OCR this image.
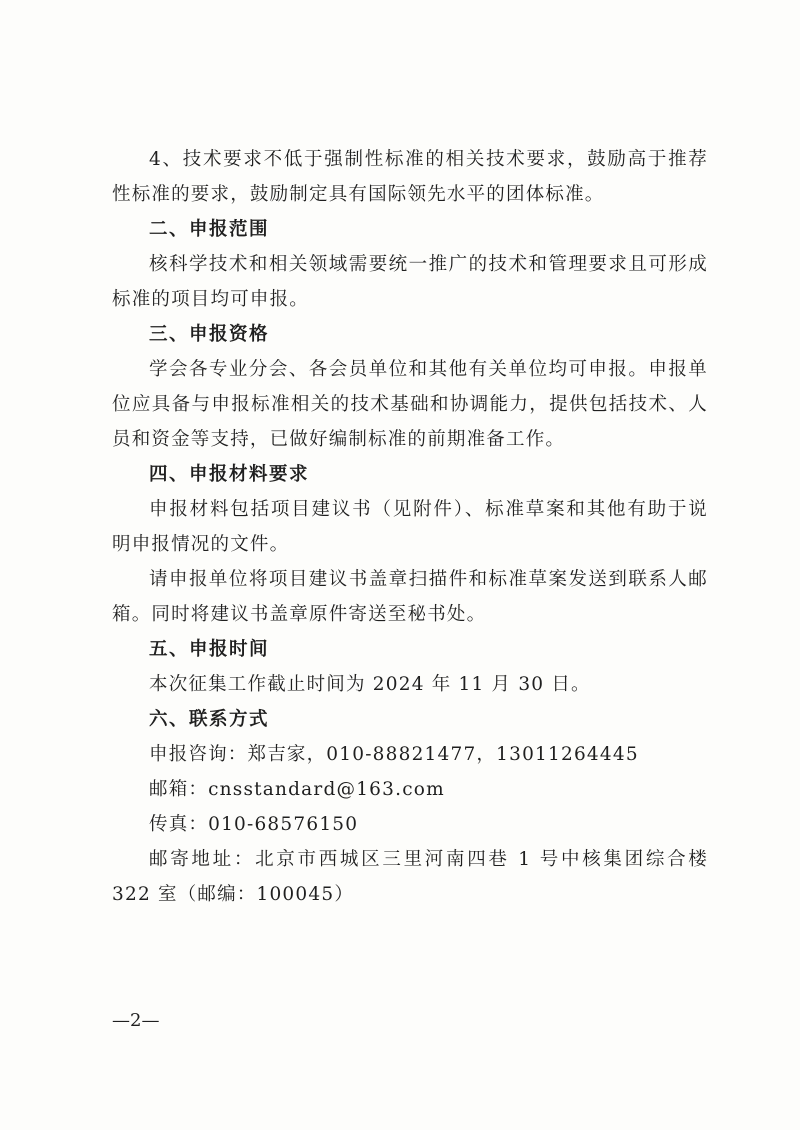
4、技术要求不低于强制性标准的相关技术要求，鼓励高于推荐性标准的要求，鼓励制定具有国际领先水平的团体标准。

二、申报范围

核科学技术和相关领域需要统一推广的技术和管理要求且可形成标准的项目均可申报。

三、申报资格

学会各专业分会、各会员单位和其他有关单位均可申报。申报单位应具备与申报标准相关的技术基础和协调能力，提供包括技术、人员和资金等支持，已做好编制标准的前期准备工作。

四、申报材料要求

申报材料包括项目建议书（见附件）、标准草案和其他有助于说明申报情况的文件。

请申报单位将项目建议书盖章扫描件和标准草案发送到联系人邮箱。同时将建议书盖章原件寄送至秘书处。

五、申报时间

本次征集工作截止时间为 2024 年 11 月 30 日。

六、联系方式

申报咨询：郑吉家，010-88821477，13011264445

邮箱：cnsstandard@163.com

传真：010-68576150

邮寄地址：北京市西城区三里河南四巷 1 号中核集团综合楼 322 室（邮编：100045）

—2—
